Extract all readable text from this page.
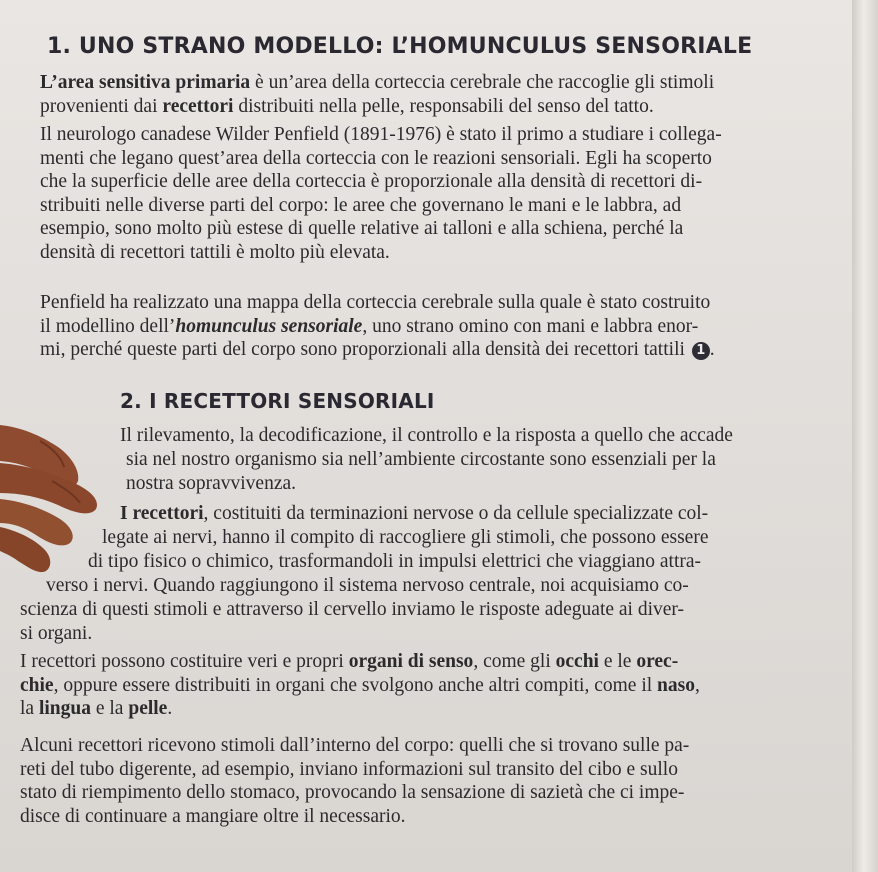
1. UNO STRANO MODELLO: L’HOMUNCULUS SENSORIALE

L’area sensitiva primaria è un’area della corteccia cerebrale che raccoglie gli stimoli
provenienti dai recettori distribuiti nella pelle, responsabili del senso del tatto.

Il neurologo canadese Wilder Penfield (1891-1976) è stato il primo a studiare i collega-
menti che legano quest’area della corteccia con le reazioni sensoriali. Egli ha scoperto
che la superficie delle aree della corteccia è proporzionale alla densità di recettori di-
stribuiti nelle diverse parti del corpo: le aree che governano le mani e le labbra, ad
esempio, sono molto più estese di quelle relative ai talloni e alla schiena, perché la
densità di recettori tattili è molto più elevata.

Penfield ha realizzato una mappa della corteccia cerebrale sulla quale è stato costruito
il modellino dell’homunculus sensoriale, uno strano omino con mani e labbra enor-
mi, perché queste parti del corpo sono proporzionali alla densità dei recettori tattili 1 .

2. I RECETTORI SENSORIALI

Il rilevamento, la decodificazione, il controllo e la risposta a quello che accade
sia nel nostro organismo sia nell’ambiente circostante sono essenziali per la
nostra sopravvivenza.
I recettori, costituiti da terminazioni nervose o da cellule specializzate col-
legate ai nervi, hanno il compito di raccogliere gli stimoli, che possono essere
di tipo fisico o chimico, trasformandoli in impulsi elettrici che viaggiano attra-
verso i nervi. Quando raggiungono il sistema nervoso centrale, noi acquisiamo co-
scienza di questi stimoli e attraverso il cervello inviamo le risposte adeguate ai diver-
si organi.

I recettori possono costituire veri e propri organi di senso, come gli occhi e le orec-
chie, oppure essere distribuiti in organi che svolgono anche altri compiti, come il naso,
la lingua e la pelle.

Alcuni recettori ricevono stimoli dall’interno del corpo: quelli che si trovano sulle pa-
reti del tubo digerente, ad esempio, inviano informazioni sul transito del cibo e sullo
stato di riempimento dello stomaco, provocando la sensazione di sazietà che ci impe-
disce di continuare a mangiare oltre il necessario.
